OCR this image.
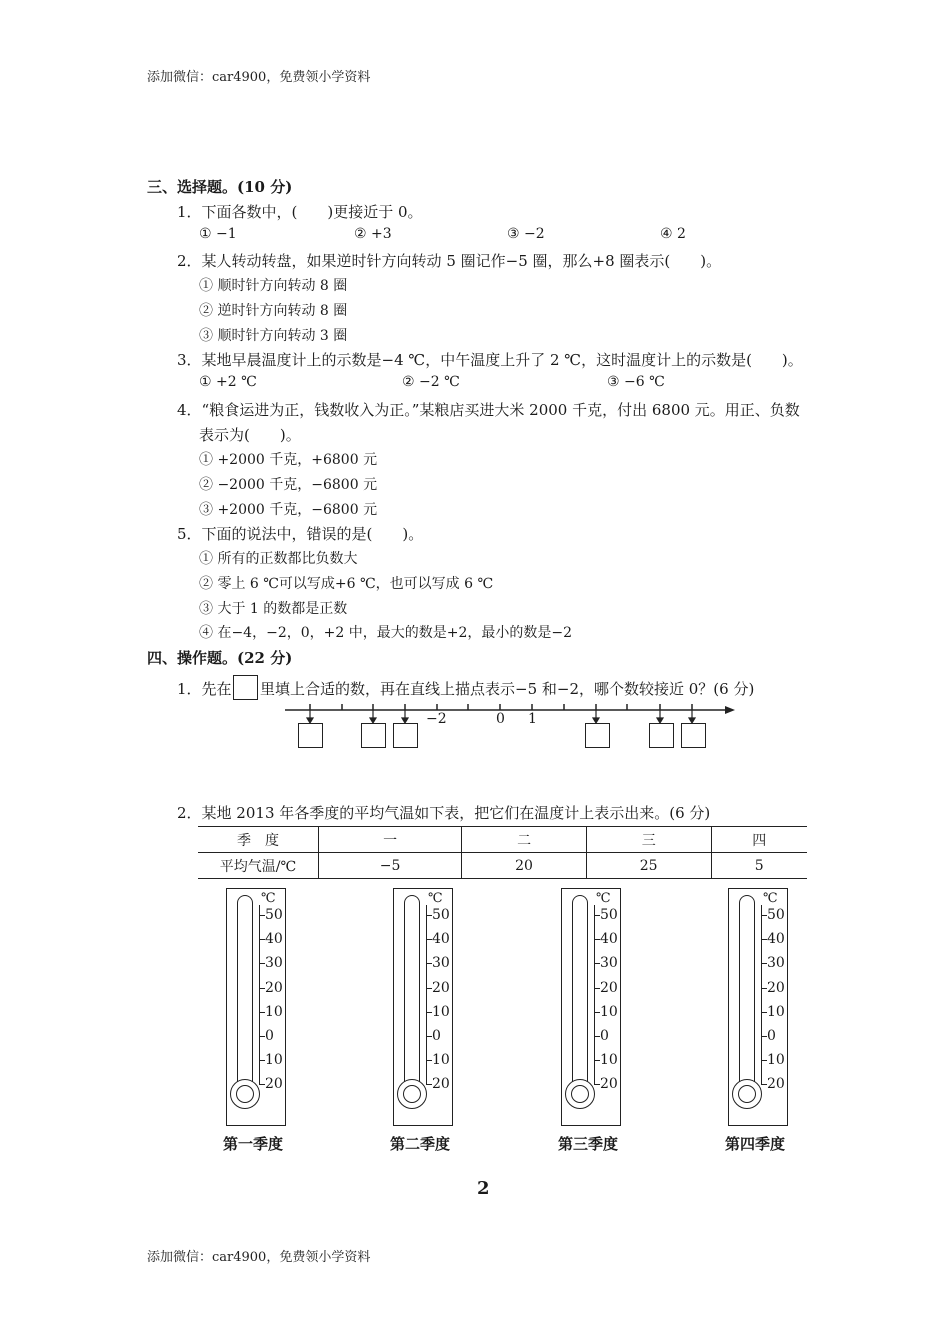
添加微信：car4900，免费领小学资料
添加微信：car4900，免费领小学资料
三、选择题。(10 分)
1．下面各数中，(　　)更接近于 0。
① −1	② +3	③ −2	④ 2
2．某人转动转盘，如果逆时针方向转动 5 圈记作−5 圈，那么+8 圈表示(　　)。
① 顺时针方向转动 8 圈
② 逆时针方向转动 8 圈
③ 顺时针方向转动 3 圈
3．某地早晨温度计上的示数是−4 ℃，中午温度上升了 2 ℃，这时温度计上的示数是(　　)。
① +2 ℃	② −2 ℃	③ −6 ℃
4．“粮食运进为正，钱数收入为正。”某粮店买进大米 2000 千克，付出 6800 元。用正、负数
表示为(　　)。
① +2000 千克，+6800 元
② −2000 千克，−6800 元
③ +2000 千克，−6800 元
5．下面的说法中，错误的是(　　)。
① 所有的正数都比负数大
② 零上 6 ℃可以写成+6 ℃，也可以写成 6 ℃
③ 大于 1 的数都是正数
④ 在−4，−2，0，+2 中，最大的数是+2，最小的数是−2
四、操作题。(22 分)
1．先在 里填上合适的数，再在直线上描点表示−5 和−2，哪个数较接近 0？(6 分)
−2	0 1
2．某地 2013 年各季度的平均气温如下表，把它们在温度计上表示出来。(6 分)
季　度	一	二	三	四
平均气温/℃	−5	20	25	5
℃
50
40
30
20
10
0
10
20
第一季度
℃
50
40
30
20
10
0
10
20
第二季度
℃
50
40
30
20
10
0
10
20
第三季度
℃
50
40
30
20
10
0
10
20
第四季度
2
